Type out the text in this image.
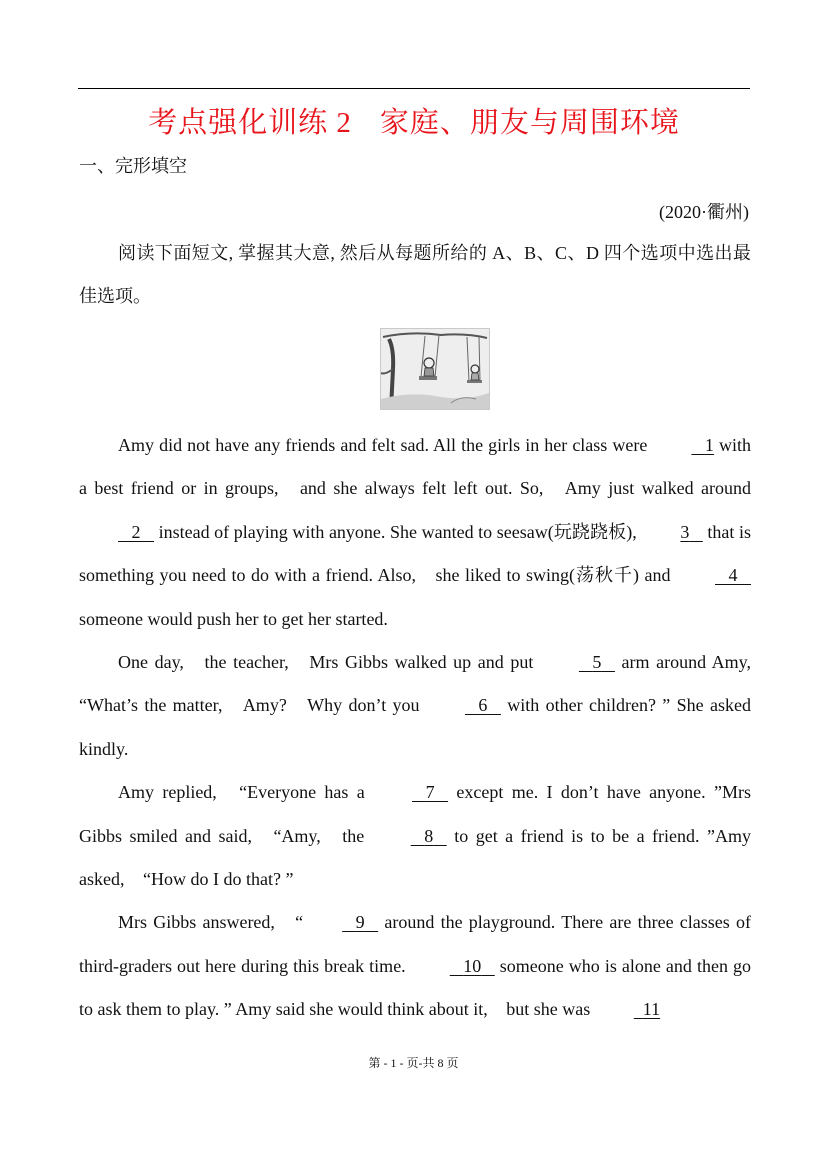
考点强化训练 2 家庭、朋友与周围环境
一、完形填空
(2020·衢州)

阅读下面短文, 掌握其大意, 然后从每题所给的 A、B、C、D 四个选项中选出最佳选项。

Amy did not have any friends and felt sad. All the girls in her class were	1 with a best friend or in groups, and she always felt left out. So, Amy just walked around    2    instead of playing with anyone. She wanted to seesaw(玩跷跷板), 3    that is something you need to do with a friend. Also, she liked to swing(荡秋千) and	4    someone would push her to get her started.

One day, the teacher, Mrs Gibbs walked up and put	5    arm around Amy, “What’s the matter, Amy? Why don’t you	6    with other children? ” She asked kindly.

Amy replied, “Everyone has a	7    except me. I don’t have anyone. ”Mrs Gibbs smiled and said, “Amy, the	8    to get a friend is to be a friend. ”Amy asked, “How do I do that? ”

Mrs Gibbs answered, “	9    around the playground. There are three classes of third-graders out here during this break time.	10    someone who is alone and then go to ask them to play. ” Amy said she would think about it, but she was	11

第 - 1 - 页-共 8 页
